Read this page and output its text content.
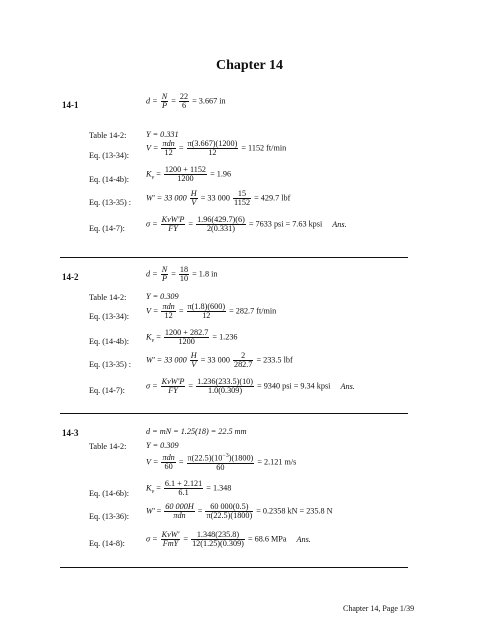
Chapter 14
14-1	$d = \frac{N}{P} = \frac{22}{6} = 3.667$ in
Table 14-2: Y = 0.331
Eq. (13-34):
$V = \frac{\text{πdn}}{12} = \frac{\pi(3.667)(1200)}{12} = 1152$ ft/min
Eq. (14-4b):
$K_v = \frac{1200 + 1152}{1200} = 1.96$
Eq. (13-35) : W' = 33 $000 \frac{H}{V} = 33$ $000 \frac{15}{1152} = 429.7$ lbf
Eq. (14-7):	$\sigma = \frac{\text{KvW'P}}{FY} = \frac{1.96(429.7)(6)}{2(0.331)} = 7633$ psi = 7.63 kpsi Ans.
14-2	$d = \frac{N}{P} = \frac{18}{10} = 1.8$ in
Table 14-2: Y = 0.309
Eq. (13-34):
$V = \frac{\text{πdn}}{12} = \frac{\pi(1.8)(600)}{12} = 282.7$ ft/min
Eq. (14-4b): $K_v = \frac{1200 + 282.7}{1200} = 1.236$
Eq. (13-35) : W' = 33 $000 \frac{H}{V} = 33$ $000 \frac{2}{282.7} = 233.5$ lbf
Eq. (14-7):	$\sigma = \frac{\text{KvW'P}}{FY} = \frac{1.236(233.5)(10)}{1.0(0.309)} = 9340$ psi = 9.34 kpsi Ans.
14-3	d = mN = 1.25(18) = 22.5 mm
Table 14-2: Y = 0.309
$V = \frac{\text{πdn}}{60} = \frac{\pi(22.5)(10^{-3})(1800)}{60} = 2.121$ m/s
Eq. (14-6b):
$K_v = \frac{6.1 + 2.121}{6.1} = 1.348$
Eq. (13-36):
$W' = \frac{60 000H}{\text{πdn}} = \frac{60 000(0.5)}{\pi(22.5)(1800)} = 0.2358$ kN = 235.8 N
Eq. (14-8):	$\sigma = \frac{\text{KvW'}}{\text{FmY}} = \frac{1.348(235.8)}{12(1.25)(0.309)} = 68.6$ MPa Ans.
Chapter 14, Page 1/39
